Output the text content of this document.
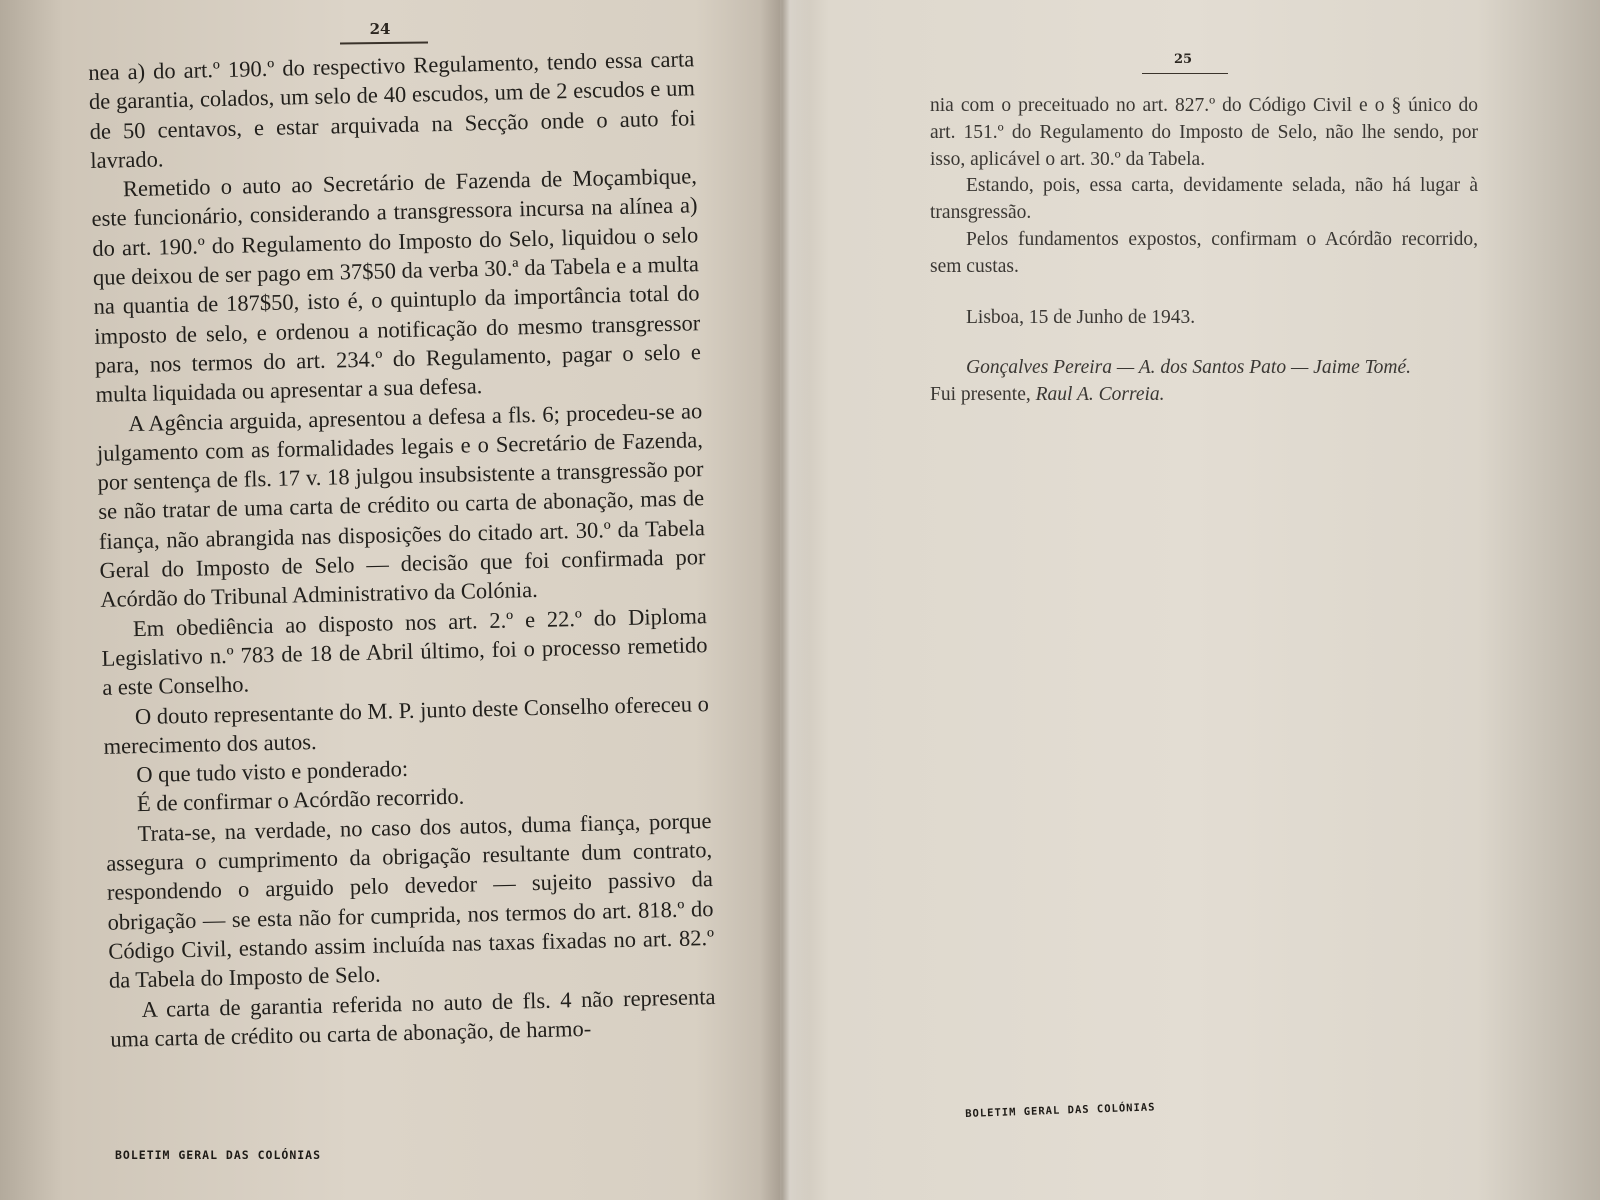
24

nea a) do art.º 190.º do respectivo Regulamento, tendo essa carta de garantia, colados, um selo de 40 escudos, um de 2 escudos e um de 50 centavos, e estar arquivada na Secção onde o auto foi lavrado.

Remetido o auto ao Secretário de Fazenda de Moçambique, este funcionário, considerando a transgressora incursa na alínea a) do art. 190.º do Regulamento do Imposto do Selo, liquidou o selo que deixou de ser pago em 37$50 da verba 30.ª da Tabela e a multa na quantia de 187$50, isto é, o quintuplo da importância total do imposto de selo, e ordenou a notificação do mesmo transgressor para, nos termos do art. 234.º do Regulamento, pagar o selo e multa liquidada ou apresentar a sua defesa.

A Agência arguida, apresentou a defesa a fls. 6; procedeu-se ao julgamento com as formalidades legais e o Secretário de Fazenda, por sentença de fls. 17 v. 18 julgou insubsistente a transgressão por se não tratar de uma carta de crédito ou carta de abonação, mas de fiança, não abrangida nas disposições do citado art. 30.º da Tabela Geral do Imposto de Selo — decisão que foi confirmada por Acórdão do Tribunal Administrativo da Colónia.

Em obediência ao disposto nos art. 2.º e 22.º do Diploma Legislativo n.º 783 de 18 de Abril último, foi o processo remetido a este Conselho.

O douto representante do M. P. junto deste Conselho ofereceu o merecimento dos autos.

O que tudo visto e ponderado:

É de confirmar o Acórdão recorrido.

Trata-se, na verdade, no caso dos autos, duma fiança, porque assegura o cumprimento da obrigação resultante dum contrato, respondendo o arguido pelo devedor — sujeito passivo da obrigação — se esta não for cumprida, nos termos do art. 818.º do Código Civil, estando assim incluída nas taxas fixadas no art. 82.º da Tabela do Imposto de Selo.

A carta de garantia referida no auto de fls. 4 não representa uma carta de crédito ou carta de abonação, de harmo-

BOLETIM GERAL DAS COLÓNIAS
25

nia com o preceituado no art. 827.º do Código Civil e o § único do art. 151.º do Regulamento do Imposto de Selo, não lhe sendo, por isso, aplicável o art. 30.º da Tabela.

Estando, pois, essa carta, devidamente selada, não há lugar à transgressão.

Pelos fundamentos expostos, confirmam o Acórdão recorrido, sem custas.

Lisboa, 15 de Junho de 1943.

Gonçalves Pereira — A. dos Santos Pato — Jaime Tomé.

Fui presente, Raul A. Correia.

BOLETIM GERAL DAS COLÓNIAS
